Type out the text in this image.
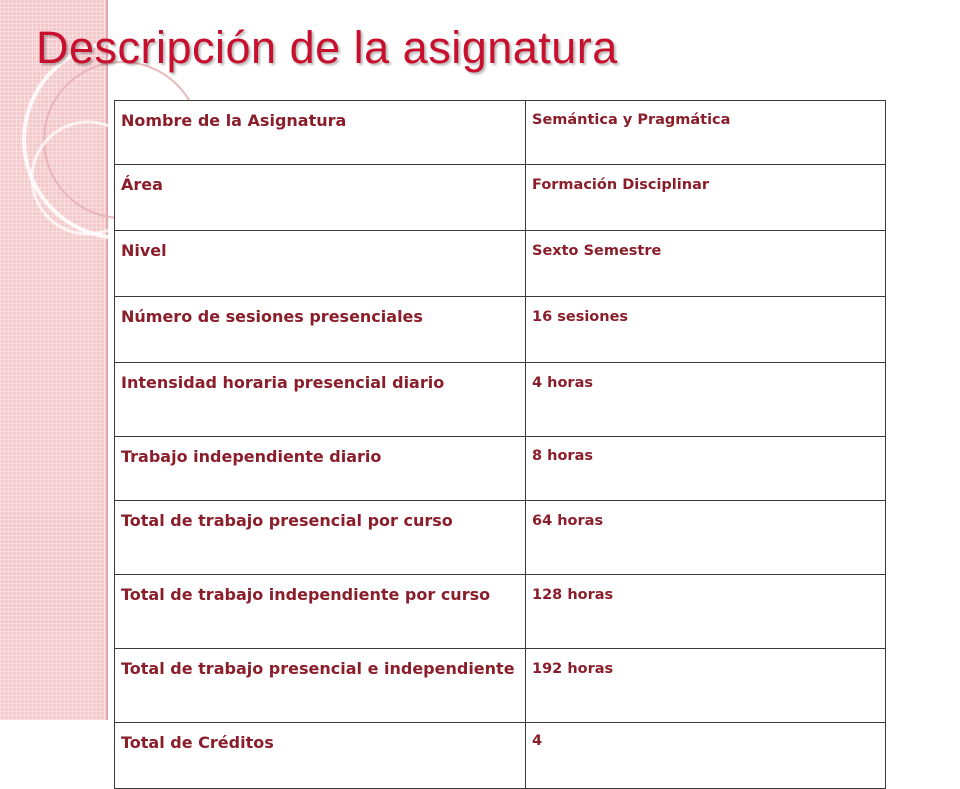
Descripción de la asignatura
Nombre de la Asignatura	Semántica y Pragmática
Área	Formación Disciplinar
Nivel	Sexto Semestre
Número de sesiones presenciales	16 sesiones
Intensidad horaria presencial diario	4 horas
Trabajo independiente diario	8 horas
Total de trabajo presencial por curso	64 horas
Total de trabajo independiente por curso	128 horas
Total de trabajo presencial e independiente	192 horas
Total de Créditos	4
